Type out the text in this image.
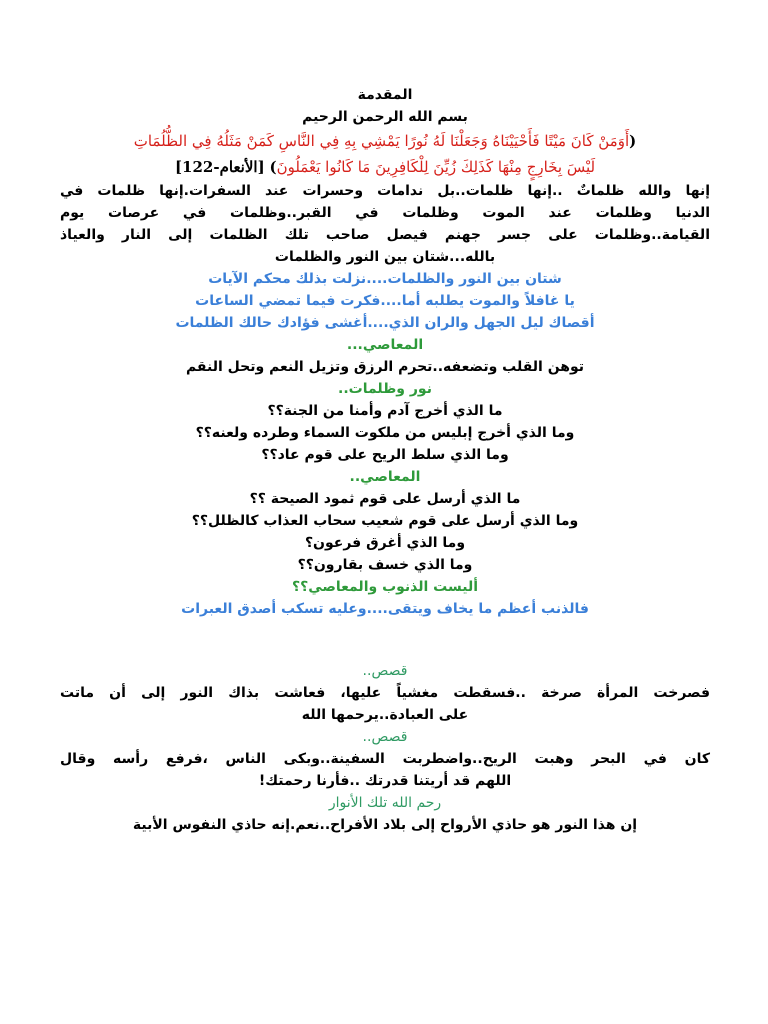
المقدمة
بسم الله الرحمن الرحيم
(أَوَمَنْ كَانَ مَيْتًا فَأَحْيَيْنَاهُ وَجَعَلْنَا لَهُ نُورًا يَمْشِي بِهِ فِي النَّاسِ كَمَنْ مَثَلُهُ فِي الظُّلُمَاتِ
لَيْسَ بِخَارِجٍ مِنْهَا كَذَلِكَ زُيِّنَ لِلْكَافِرِينَ مَا كَانُوا يَعْمَلُونَ) [الأنعام-122]
إنها والله ظلماتٌ ..إنها ظلمات..بل ندامات وحسرات عند السفرات.إنها ظلمات في
الدنيا وظلمات عند الموت وظلمات في القبر..وظلمات في عرصات يوم
القيامة..وظلمات على جسر جهنم فيصل صاحب تلك الظلمات إلى النار والعياذ
بالله...شتان بين النور والظلمات
شتان بين النور والظلمات....نزلت بذلك محكم الآيات
يا غافلاً والموت يطلبه أما....فكرت فيما تمضي الساعات
أقصاك ليل الجهل والران الذي....أغشى فؤادك حالك الظلمات
المعاصي...
توهن القلب وتضعفه..تحرم الرزق وتزيل النعم وتحل النقم
نور وظلمات..
ما الذي أخرج آدم وأمنا من الجنة؟؟
وما الذي أخرج إبليس من ملكوت السماء وطرده ولعنه؟؟
وما الذي سلط الريح على قوم عاد؟؟
المعاصي..
ما الذي أرسل على قوم ثمود الصيحة ؟؟
وما الذي أرسل على قوم شعيب سحاب العذاب كالظلل؟؟
وما الذي أغرق فرعون؟
وما الذي خسف بقارون؟؟
أليست الذنوب والمعاصي؟؟
فالذنب أعظم ما يخاف ويتقى....وعليه تسكب أصدق العبرات
قصص..
فصرخت المرأة صرخة ..فسقطت مغشياً عليها، فعاشت بذاك النور إلى أن ماتت
على العبادة..يرحمها الله
قصص..
كان في البحر وهبت الريح..واضطربت السفينة..وبكى الناس ،فرفع رأسه وقال
اللهم قد أريتنا قدرتك ..فأرنا رحمتك!
رحم الله تلك الأنوار
إن هذا النور هو حاذي الأرواح إلى بلاد الأفراح..نعم.إنه حاذي النفوس الأبية
